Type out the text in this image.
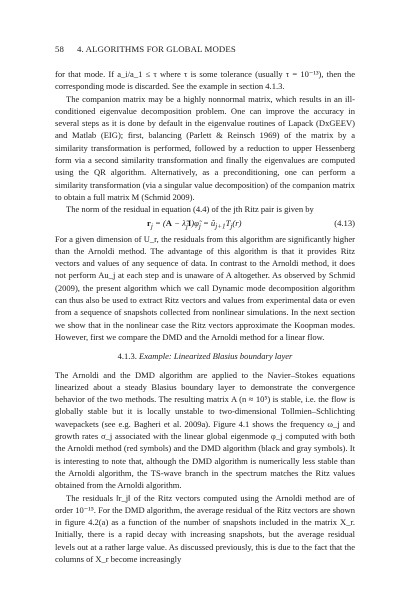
58 4. ALGORITHMS FOR GLOBAL MODES

for that mode. If a_i/a_1 ≤ τ where τ is some tolerance (usually τ = 10⁻¹³), then the corresponding mode is discarded. See the example in section 4.1.3.

The companion matrix may be a highly nonnormal matrix, which results in an ill-conditioned eigenvalue decomposition problem. One can improve the accuracy in several steps as it is done by default in the eigenvalue routines of Lapack (DxGEEV) and Matlab (EIG); first, balancing (Parlett & Reinsch 1969) of the matrix by a similarity transformation is performed, followed by a reduction to upper Hessenberg form via a second similarity transformation and finally the eigenvalues are computed using the QR algorithm. Alternatively, as a preconditioning, one can perform a similarity transformation (via a singular value decomposition) of the companion matrix to obtain a full matrix M (Schmid 2009).

The norm of the residual in equation (4.4) of the jth Ritz pair is given by

$r_j = (A$ − $\lambdã_jI)\varphĩ_j$ = $ũ_{j+1}T_j(r)$	(4.13)

For a given dimension of U_r, the residuals from this algorithm are significantly higher than the Arnoldi method. The advantage of this algorithm is that it provides Ritz vectors and values of any sequence of data. In contrast to the Arnoldi method, it does not perform Au_j at each step and is unaware of A altogether. As observed by Schmid (2009), the present algorithm which we call Dynamic mode decomposition algorithm can thus also be used to extract Ritz vectors and values from experimental data or even from a sequence of snapshots collected from nonlinear simulations. In the next section we show that in the nonlinear case the Ritz vectors approximate the Koopman modes. However, first we compare the DMD and the Arnoldi method for a linear flow.

4.1.3. Example: Linearized Blasius boundary layer

The Arnoldi and the DMD algorithm are applied to the Navier–Stokes equations linearized about a steady Blasius boundary layer to demonstrate the convergence behavior of the two methods. The resulting matrix A (n ≈ 10⁵) is stable, i.e. the flow is globally stable but it is locally unstable to two-dimensional Tollmien–Schlichting wavepackets (see e.g. Bagheri et al. 2009a). Figure 4.1 shows the frequency ω_j and growth rates σ_j associated with the linear global eigenmode φ_j computed with both the Arnoldi method (red symbols) and the DMD algorithm (black and gray symbols). It is interesting to note that, although the DMD algorithm is numerically less stable than the Arnoldi algorithm, the TS-wave branch in the spectrum matches the Ritz values obtained from the Arnoldi algorithm.

The residuals ‖r_j‖ of the Ritz vectors computed using the Arnoldi method are of order 10⁻¹⁵. For the DMD algorithm, the average residual of the Ritz vectors are shown in figure 4.2(a) as a function of the number of snapshots included in the matrix X_r. Initially, there is a rapid decay with increasing snapshots, but the average residual levels out at a rather large value. As discussed previously, this is due to the fact that the columns of X_r become increasingly
